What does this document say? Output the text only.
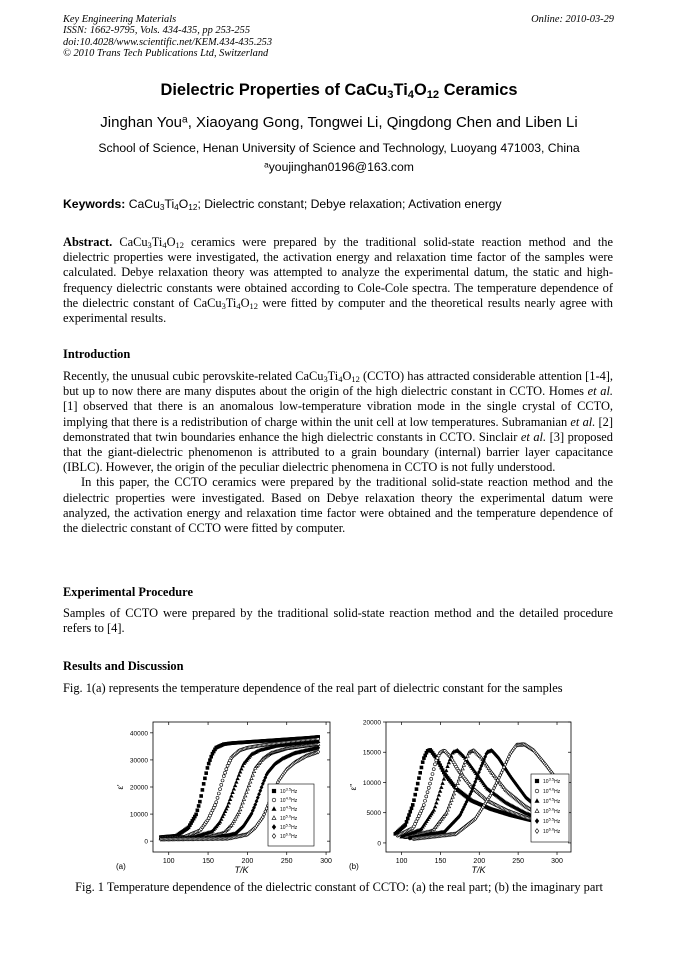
Key Engineering Materials
ISSN: 1662-9795, Vols. 434-435, pp 253-255
doi:10.4028/www.scientific.net/KEM.434-435.253
© 2010 Trans Tech Publications Ltd, Switzerland
Online: 2010-03-29
Dielectric Properties of $CaCu_3Ti_4O_{12}$ Ceramics
Jinghan You$^a$, Xiaoyang Gong, Tongwei Li, Qingdong Chen and Liben Li
School of Science, Henan University of Science and Technology, Luoyang 471003, China
$^a$youjinghan0196@163.com
Keywords: $CaCu_3Ti_4O_{12}$; Dielectric constant; Debye relaxation; Activation energy
Abstract. $CaCu_3Ti_4O_{12}$ ceramics were prepared by the traditional solid-state reaction method and the dielectric properties were investigated, the activation energy and relaxation time factor of the samples were calculated. Debye relaxation theory was attempted to analyze the experimental datum, the static and high-frequency dielectric constants were obtained according to Cole-Cole spectra. The temperature dependence of the dielectric constant of $CaCu_3Ti_4O_{12}$ were fitted by computer and the theoretical results nearly agree with experimental results.
Introduction
Recently, the unusual cubic perovskite-related $CaCu_3Ti_4O_{12}$ (CCTO) has attracted considerable attention [1-4], but up to now there are many disputes about the origin of the high dielectric constant in CCTO. Homes et al. [1] observed that there is an anomalous low-temperature vibration mode in the single crystal of CCTO, implying that there is a redistribution of charge within the unit cell at low temperatures. Subramanian et al. [2] demonstrated that twin boundaries enhance the high dielectric constants in CCTO. Sinclair et al. [3] proposed that the giant-dielectric phenomenon is attributed to a grain boundary (internal) barrier layer capacitance (IBLC). However, the origin of the peculiar dielectric phenomena in CCTO is not fully understood.
In this paper, the CCTO ceramics were prepared by the traditional solid-state reaction method and the dielectric properties were investigated. Based on Debye relaxation theory the experimental datum were analyzed, the activation energy and relaxation time factor were obtained and the temperature dependence of the dielectric constant of CCTO were fitted by computer.
Experimental Procedure
Samples of CCTO were prepared by the traditional solid-state reaction method and the detailed procedure refers to [4].
Results and Discussion
Fig. 1(a) represents the temperature dependence of the real part of dielectric constant for the samples
100	150	200	250	300
0
10000
20000
30000
40000
T/K
ε'
(a)
$10^{3.5}Hz$
$10^{4.0}Hz$
$10^{4.5}Hz$
$10^{5.0}Hz$
$10^{5.5}Hz$
$10^{6.0}Hz$
100	150	200	250	300
0
5000
10000
15000
20000
T/K
ε''
(b)
$10^{3.5}Hz$
$10^{4.0}Hz$
$10^{4.5}Hz$
$10^{5.0}Hz$
$10^{5.5}Hz$
$10^{6.0}Hz$
Fig. 1 Temperature dependence of the dielectric constant of CCTO: (a) the real part; (b) the imaginary part
